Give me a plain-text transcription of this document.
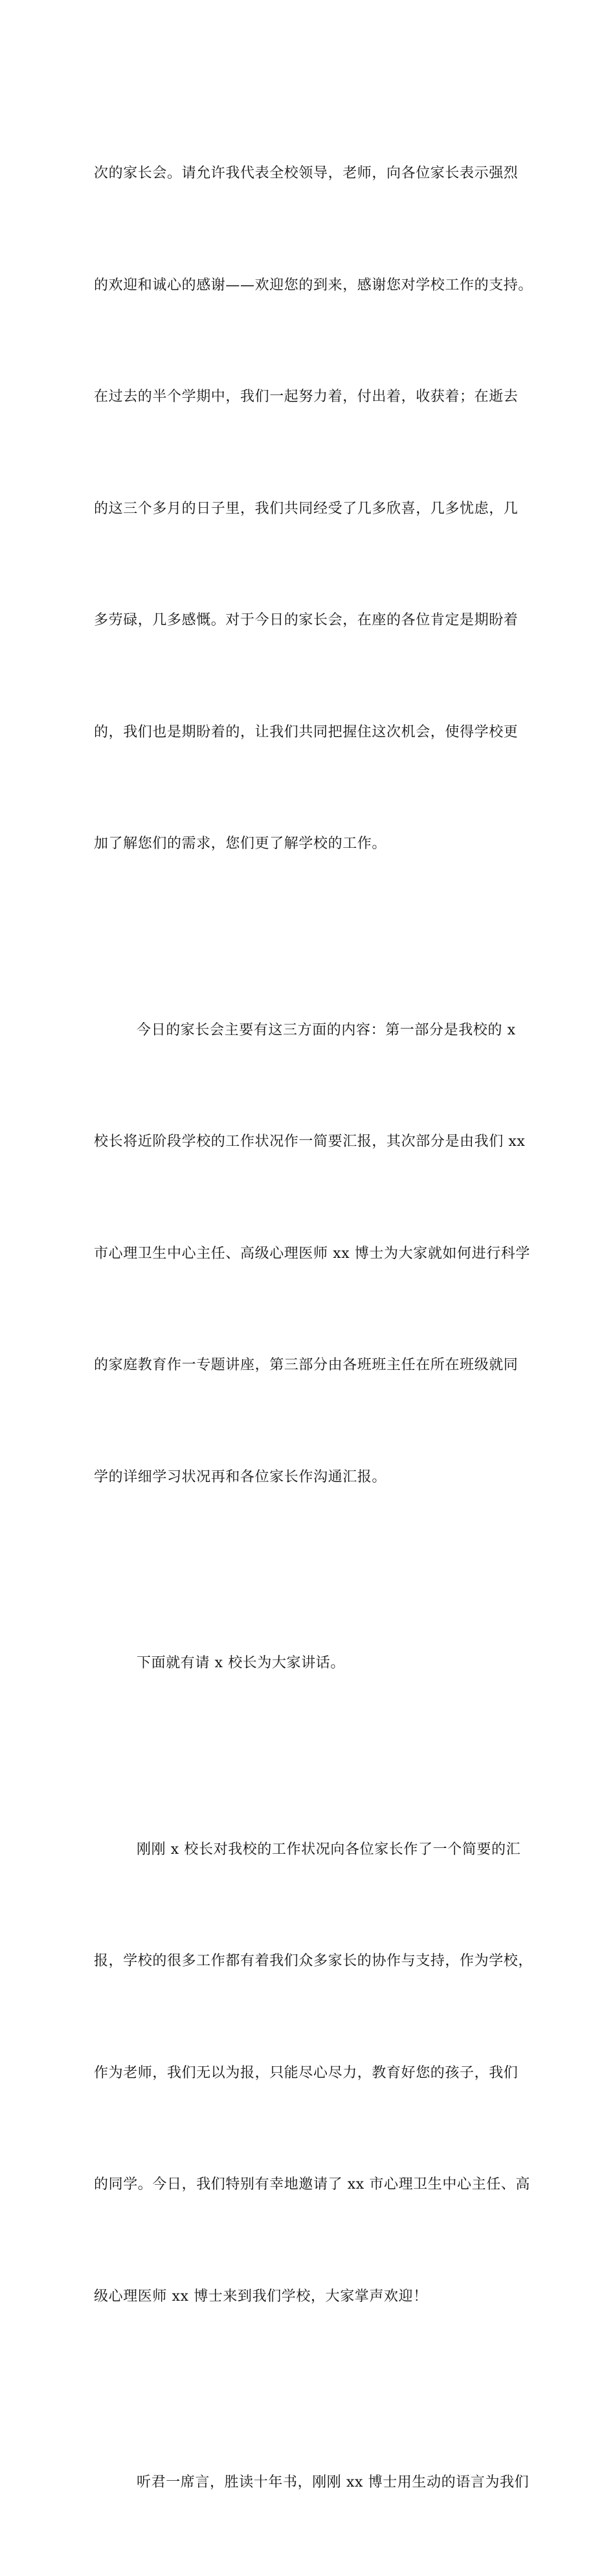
次的家长会。请允许我代表全校领导，老师，向各位家长表示强烈

的欢迎和诚心的感谢——欢迎您的到来，感谢您对学校工作的支持。

在过去的半个学期中，我们一起努力着，付出着，收获着；在逝去

的这三个多月的日子里，我们共同经受了几多欣喜，几多忧虑，几

多劳碌，几多感慨。对于今日的家长会，在座的各位肯定是期盼着

的，我们也是期盼着的，让我们共同把握住这次机会，使得学校更

加了解您们的需求，您们更了解学校的工作。

今日的家长会主要有这三方面的内容：第一部分是我校的 x

校长将近阶段学校的工作状况作一简要汇报，其次部分是由我们 xx

市心理卫生中心主任、高级心理医师 xx 博士为大家就如何进行科学

的家庭教育作一专题讲座，第三部分由各班班主任在所在班级就同

学的详细学习状况再和各位家长作沟通汇报。

下面就有请 x 校长为大家讲话。

刚刚 x 校长对我校的工作状况向各位家长作了一个简要的汇

报，学校的很多工作都有着我们众多家长的协作与支持，作为学校，

作为老师，我们无以为报，只能尽心尽力，教育好您的孩子，我们

的同学。今日，我们特别有幸地邀请了 xx 市心理卫生中心主任、高

级心理医师 xx 博士来到我们学校，大家掌声欢迎！

听君一席言，胜读十年书，刚刚 xx 博士用生动的语言为我们
